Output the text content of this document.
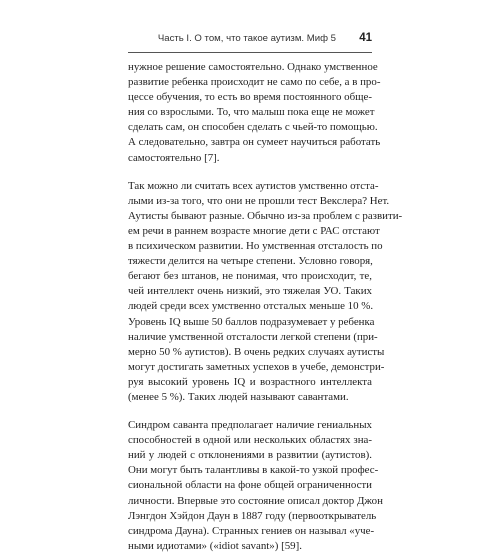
Часть I. О том, что такое аутизм. Миф 5 41
нужное решение самостоятельно. Однако умственное
развитие ребенка происходит не само по себе, а в про-
цессе обучения, то есть во время постоянного обще-
ния со взрослыми. То, что малыш пока еще не может
сделать сам, он способен сделать с чьей-то помощью.
А следовательно, завтра он сумеет научиться работать
самостоятельно [7].
Так можно ли считать всех аутистов умственно отста-
лыми из-за того, что они не прошли тест Векслера? Нет.
Аутисты бывают разные. Обычно из-за проблем с развити-
ем речи в раннем возрасте многие дети с РАС отстают
в психическом развитии. Но умственная отсталость по
тяжести делится на четыре степени. Условно говоря,
бегают без штанов, не понимая, что происходит, те,
чей интеллект очень низкий, это тяжелая УО. Таких
людей среди всех умственно отсталых меньше 10 %.
Уровень IQ выше 50 баллов подразумевает у ребенка
наличие умственной отсталости легкой степени (при-
мерно 50 % аутистов). В очень редких случаях аутисты
могут достигать заметных успехов в учебе, демонстри-
руя высокий уровень IQ и возрастного интеллекта
(менее 5 %). Таких людей называют савантами.
Синдром саванта предполагает наличие гениальных
способностей в одной или нескольких областях зна-
ний у людей с отклонениями в развитии (аутистов).
Они могут быть талантливы в какой-то узкой профес-
сиональной области на фоне общей ограниченности
личности. Впервые это состояние описал доктор Джон
Лэнгдон Хэйдон Даун в 1887 году (первооткрыватель
синдрома Дауна). Странных гениев он называл «уче-
ными идиотами» («idiot savant») [59].
